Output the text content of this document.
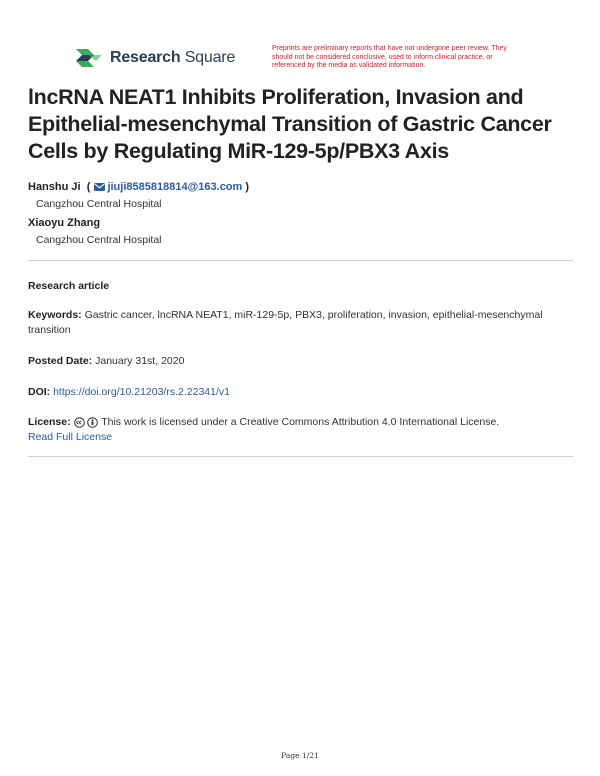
Research Square
Preprints are preliminary reports that have not undergone peer review. They should not be considered conclusive, used to inform clinical practice, or referenced by the media as validated information.
lncRNA NEAT1 Inhibits Proliferation, Invasion and Epithelial-mesenchymal Transition of Gastric Cancer Cells by Regulating MiR-129-5p/PBX3 Axis
Hanshu Ji ( jiuji8585818814@163.com )
Cangzhou Central Hospital
Xiaoyu Zhang
Cangzhou Central Hospital
Research article
Keywords: Gastric cancer, lncRNA NEAT1, miR-129-5p, PBX3, proliferation, invasion, epithelial-mesenchymal transition
Posted Date: January 31st, 2020
DOI: https://doi.org/10.21203/rs.2.22341/v1
License:	This work is licensed under a Creative Commons Attribution 4.0 International License.
Read Full License
Page 1/21
